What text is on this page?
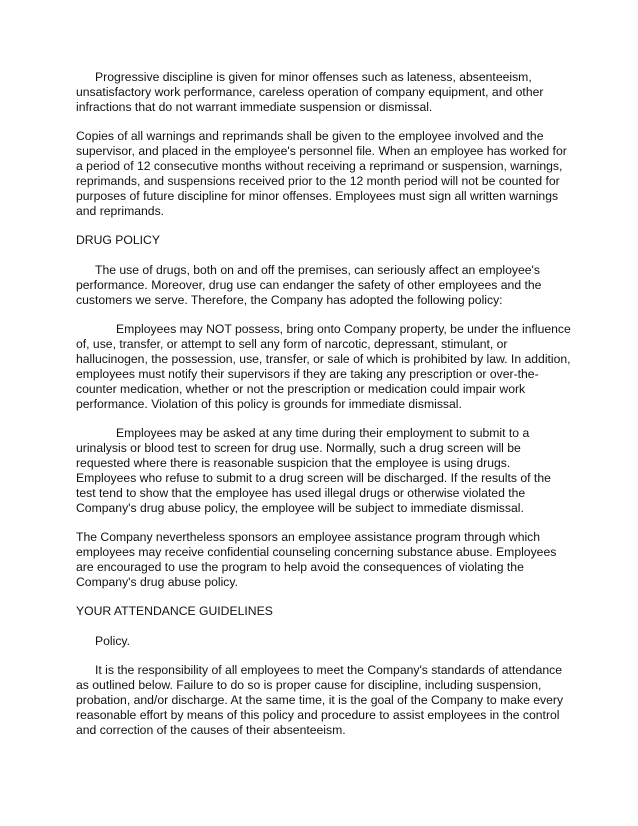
Progressive discipline is given for minor offenses such as lateness, absenteeism, unsatisfactory work performance, careless operation of company equipment, and other infractions that do not warrant immediate suspension or dismissal.

Copies of all warnings and reprimands shall be given to the employee involved and the supervisor, and placed in the employee's personnel file. When an employee has worked for a period of 12 consecutive months without receiving a reprimand or suspension, warnings, reprimands, and suspensions received prior to the 12 month period will not be counted for purposes of future discipline for minor offenses. Employees must sign all written warnings and reprimands.

DRUG POLICY

The use of drugs, both on and off the premises, can seriously affect an employee's performance. Moreover, drug use can endanger the safety of other employees and the customers we serve. Therefore, the Company has adopted the following policy:

Employees may NOT possess, bring onto Company property, be under the influence of, use, transfer, or attempt to sell any form of narcotic, depressant, stimulant, or hallucinogen, the possession, use, transfer, or sale of which is prohibited by law. In addition, employees must notify their supervisors if they are taking any prescription or over-the-counter medication, whether or not the prescription or medication could impair work performance. Violation of this policy is grounds for immediate dismissal.

Employees may be asked at any time during their employment to submit to a urinalysis or blood test to screen for drug use. Normally, such a drug screen will be requested where there is reasonable suspicion that the employee is using drugs. Employees who refuse to submit to a drug screen will be discharged. If the results of the test tend to show that the employee has used illegal drugs or otherwise violated the Company's drug abuse policy, the employee will be subject to immediate dismissal.

The Company nevertheless sponsors an employee assistance program through which employees may receive confidential counseling concerning substance abuse. Employees are encouraged to use the program to help avoid the consequences of violating the Company's drug abuse policy.

YOUR ATTENDANCE GUIDELINES

Policy.

It is the responsibility of all employees to meet the Company's standards of attendance as outlined below. Failure to do so is proper cause for discipline, including suspension, probation, and/or discharge. At the same time, it is the goal of the Company to make every reasonable effort by means of this policy and procedure to assist employees in the control and correction of the causes of their absenteeism.
